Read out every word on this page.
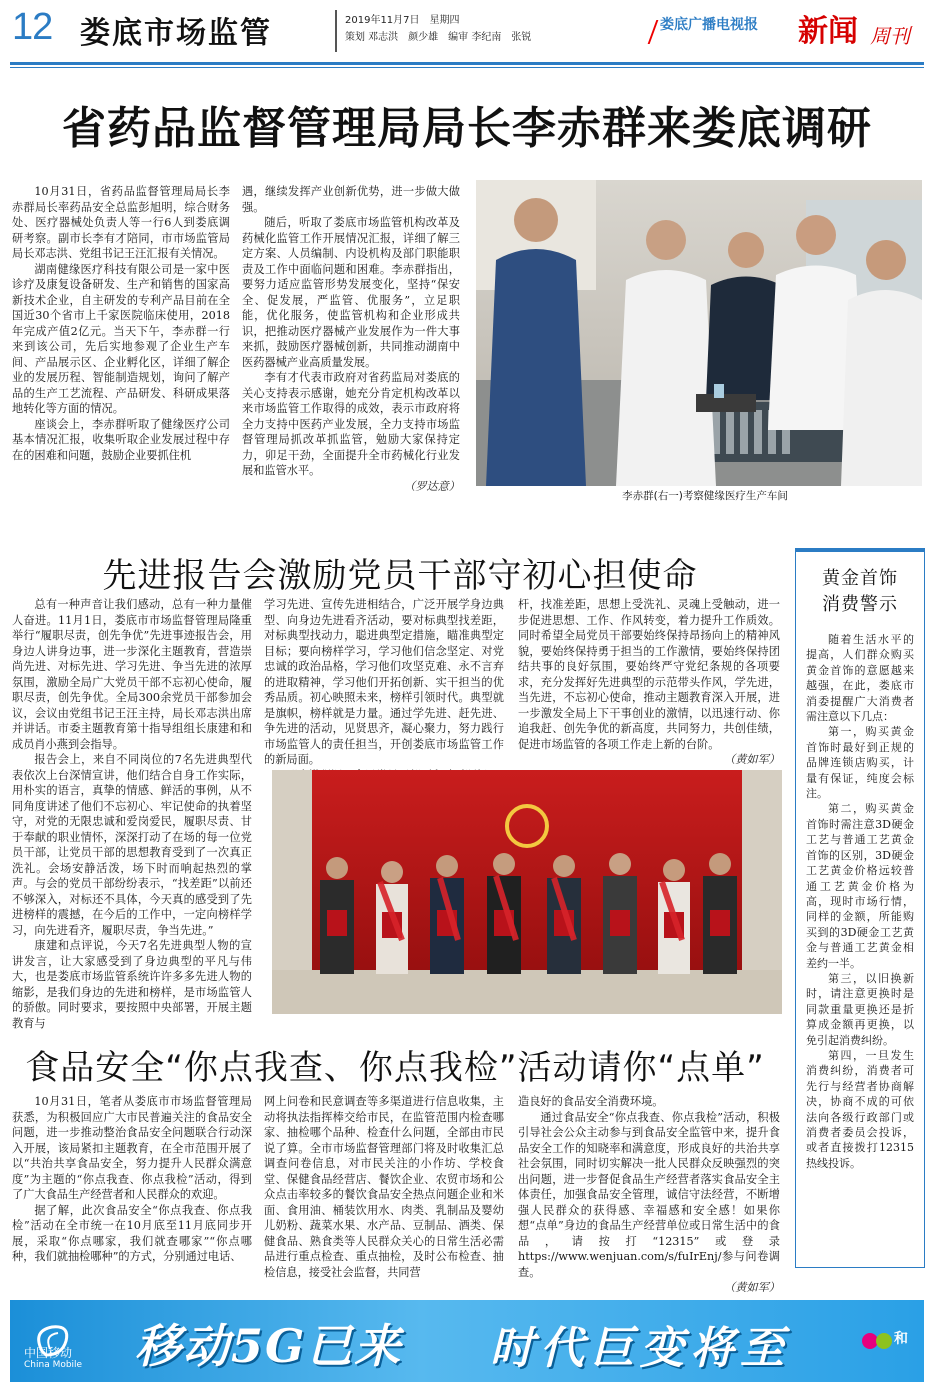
12 娄底市场监管	2019年11月7日　星期四
策划 邓志洪　颜少雄　编审 李纪南　张锐
娄底广播电视报 新闻 周刊
省药品监督管理局局长李赤群来娄底调研

10月31日，省药品监督管理局局长李赤群局长率药品安全总监彭旭明，综合财务处、医疗器械处负责人等一行6人到娄底调研考察。副市长李有才陪同，市市场监管局局长邓志洪、党组书记王汪汇报有关情况。

湖南健缘医疗科技有限公司是一家中医诊疗及康复设备研发、生产和销售的国家高新技术企业，自主研发的专利产品目前在全国近30个省市上千家医院临床使用，2018年完成产值2亿元。当天下午，李赤群一行来到该公司，先后实地参观了企业生产车间、产品展示区、企业孵化区，详细了解企业的发展历程、智能制造规划，询问了解产品的生产工艺流程、产品研发、科研成果落地转化等方面的情况。

座谈会上，李赤群听取了健缘医疗公司基本情况汇报，收集听取企业发展过程中存在的困难和问题，鼓励企业要抓住机

遇，继续发挥产业创新优势，进一步做大做强。

随后，听取了娄底市场监管机构改革及药械化监管工作开展情况汇报，详细了解三定方案、人员编制、内设机构及部门职能职责及工作中面临问题和困难。李赤群指出，要努力适应监管形势发展变化，坚持“保安全、促发展，严监管、优服务”，立足职能，优化服务，使监管机构和企业形成共识，把推动医疗器械产业发展作为一件大事来抓，鼓励医疗器械创新，共同推动湖南中医药器械产业高质量发展。

李有才代表市政府对省药监局对娄底的关心支持表示感谢，她充分肯定机构改革以来市场监管工作取得的成效，表示市政府将全力支持中医药产业发展，全力支持市场监督管理局抓改革抓监管，勉励大家保持定力，卯足干劲，全面提升全市药械化行业发展和监管水平。

（罗达意）

李赤群(右一)考察健缘医疗生产车间
先进报告会激励党员干部守初心担使命

总有一种声音让我们感动，总有一种力量催人奋进。11月1日，娄底市市场监督管理局隆重举行“履职尽责，创先争优”先进事迹报告会，用身边人讲身边事，进一步深化主题教育，营造崇尚先进、对标先进、学习先进、争当先进的浓厚氛围，激励全局广大党员干部不忘初心使命，履职尽责，创先争优。全局300余党员干部参加会议，会议由党组书记王汪主持，局长邓志洪出席并讲话。市委主题教育第十指导组组长康建和和成员肖小燕到会指导。

报告会上，来自不同岗位的7名先进典型代表依次上台深情宣讲，他们结合自身工作实际，用朴实的语言，真挚的情感、鲜活的事例，从不同角度讲述了他们不忘初心、牢记使命的执着坚守，对党的无限忠诚和爱岗爱民，履职尽责、甘于奉献的职业情怀，深深打动了在场的每一位党员干部，让党员干部的思想教育受到了一次真正洗礼。会场安静活泼，场下时而响起热烈的掌声。与会的党员干部纷纷表示，“找差距”以前还不够深入，对标还不具体，今天真的感受到了先进榜样的震撼，在今后的工作中，一定向榜样学习，向先进看齐，履职尽责，争当先进。”

康建和点评说，今天7名先进典型人物的宣讲发言，让大家感受到了身边典型的平凡与伟大，也是娄底市场监管系统许许多多先进人物的缩影，是我们身边的先进和榜样，是市场监管人的骄傲。同时要求，要按照中央部署，开展主题教育与

学习先进、宣传先进相结合，广泛开展学身边典型、向身边先进看齐活动，要对标典型找差距，对标典型找动力，聪进典型定措施，瞄准典型定目标；要向榜样学习，学习他们信念坚定、对党忠诚的政治品格，学习他们攻坚克难、永不言弃的进取精神，学习他们开拓创新、实干担当的优秀品质。初心映照未来，榜样引领时代。典型就是旗帜，榜样就是力量。通过学先进、赶先进、争先进的活动，见贤思齐，凝心聚力，努力践行市场监管人的责任担当，开创娄底市场监管工作的新局面。

杆，找准差距，思想上受洗礼、灵魂上受触动，进一步促进思想、工作、作风转变，着力提升工作质效。同时希望全局党员干部要始终保持昂扬向上的精神风貌，要始终保持勇于担当的工作激情，要始终保持团结共事的良好氛围，要始终严守党纪条规的各项要求，充分发挥好先进典型的示范带头作风，学先进，当先进，不忘初心使命，推动主题教育深入开展，进一步激发全局上下干事创业的激情，以迅速行动、你追我赶、创先争优的新高度，共同努力，共创佳绩，促进市场监管的各项工作走上新的台阶。

（黄如军）

食品安全“你点我查、你点我检”活动请你“点单”

10月31日，笔者从娄底市市场监督管理局获悉，为积极回应广大市民普遍关注的食品安全问题，进一步推动整治食品安全问题联合行动深入开展，该局紧扣主题教育，在全市范围开展了以“共治共享食品安全，努力提升人民群众满意度”为主题的“你点我查、你点我检”活动，得到了广大食品生产经营者和人民群众的欢迎。

据了解，此次食品安全“你点我查、你点我检”活动在全市统一在10月底至11月底同步开展，采取“你点哪家，我们就查哪家”“你点哪种，我们就抽检哪种”的方式，分别通过电话、

网上问卷和民意调查等多渠道进行信息收集，主动将执法指挥棒交给市民，在监管范围内检查哪家、抽检哪个品种、检查什么问题，全部由市民说了算。全市市场监督管理部门将及时收集汇总调查问卷信息，对市民关注的小作坊、学校食堂、保健食品经营店、餐饮企业、农贸市场和公众点击率较多的餐饮食品安全热点问题企业和米面、食用油、桶装饮用水、肉类、乳制品及婴幼儿奶粉、蔬菜水果、水产品、豆制品、酒类、保健食品、熟食类等人民群众关心的日常生活必需品进行重点检查、重点抽检，及时公布检查、抽检信息，接受社会监督，共同营

造良好的食品安全消费环境。

通过食品安全“你点我查、你点我检”活动，积极引导社会公众主动参与到食品安全监管中来，提升食品安全工作的知晓率和满意度，形成良好的共治共享社会氛围，同时切实解决一批人民群众反映强烈的突出问题，进一步督促食品生产经营者落实食品安全主体责任，加强食品安全管理，诚信守法经营，不断增强人民群众的获得感、幸福感和安全感！如果你想“点单”身边的食品生产经营单位或日常生活中的食品，请按打“12315”或登录https://www.wenjuan.com/s/fuIrEnj/参与问卷调查。

（黄如军）

黄金首饰
消费警示

随着生活水平的提高，人们群众购买黄金首饰的意愿越来越强，在此，娄底市消委提醒广大消费者需注意以下几点：

第一，购买黄金首饰时最好到正规的品牌连锁店购买，计量有保证，纯度会标注。

第二，购买黄金首饰时需注意3D硬金工艺与普通工艺黄金首饰的区别，3D硬金工艺黄金价格远较普通工艺黄金价格为高，现时市场行情，同样的金额，所能购买到的3D硬金工艺黄金与普通工艺黄金相差约一半。

第三，以旧换新时，请注意更换时是同款重量更换还是折算成金额再更换，以免引起消费纠纷。

第四，一旦发生消费纠纷，消费者可先行与经营者协商解决，协商不成的可依法向各级行政部门或消费者委员会投诉，或者直接拨打12315热线投诉。

中国移动
China Mobile 移动5G已来 时代巨变将至	和
